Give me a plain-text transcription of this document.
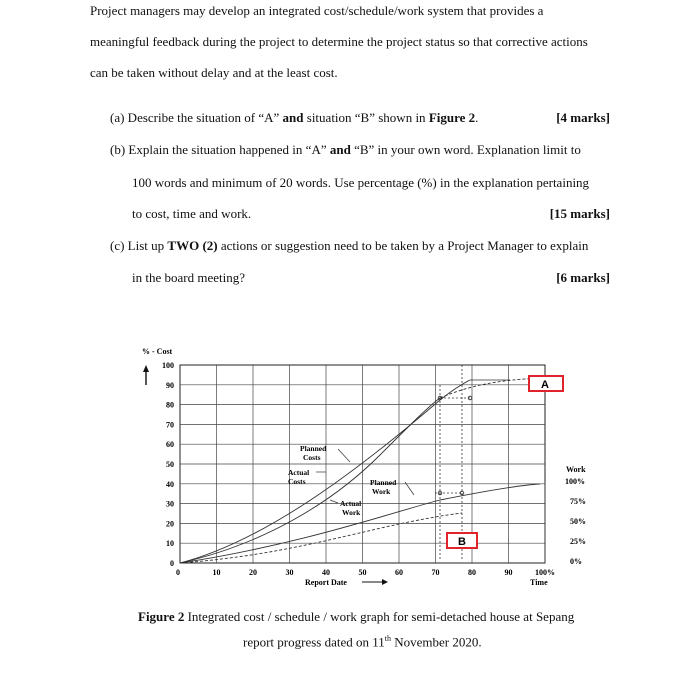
Project managers may develop an integrated cost/schedule/work system that provides a
meaningful feedback during the project to determine the project status so that corrective actions
can be taken without delay and at the least cost.
(a) Describe the situation of “A” and situation “B” shown in Figure 2.	[4 marks]
(b) Explain the situation happened in “A” and “B” in your own word. Explanation limit to
100 words and minimum of 20 words. Use percentage (%) in the explanation pertaining
to cost, time and work.	[15 marks]
(c) List up TWO (2) actions or suggestion need to be taken by a Project Manager to explain
in the board meeting?	[6 marks]
% - Cost
100
90
80
70
60
50
40
30
20
10
0
0	10	20	30	40	50	60	70	80	90	100%
Report Date	Time
Work
100%
75%
50%
25%
0%
Planned
Costs
Actual
Costs	Planned
Work
Actual
Work
A
B
Figure 2 Integrated cost / schedule / work graph for semi-detached house at Sepang
report progress dated on 11th November 2020.
